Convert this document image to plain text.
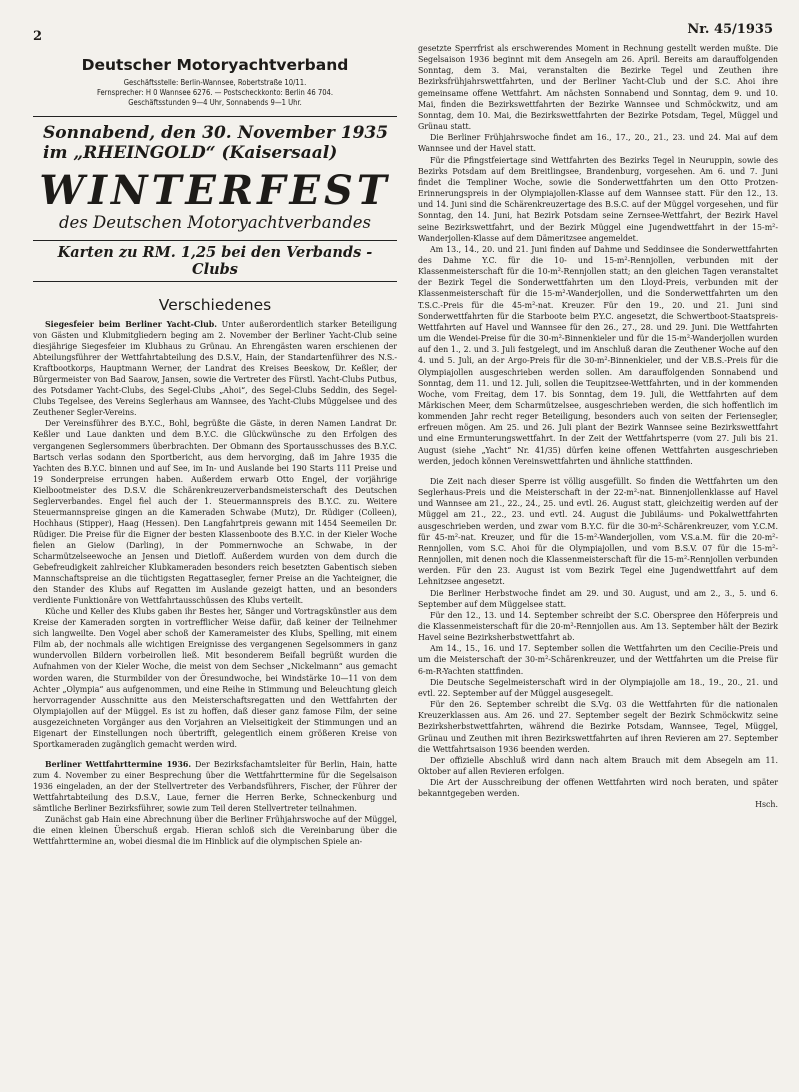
2	Nr. 45/1935
Deutscher Motoryachtverband
Geschäftsstelle: Berlin-Wannsee, Robertstraße 10/11.
Fernsprecher: H 0 Wannsee 6276. — Postscheckkonto: Berlin 46 704.
Geschäftsstunden 9—4 Uhr, Sonnabends 9—1 Uhr.
Sonnabend, den 30. November 1935
im „RHEINGOLD“ (Kaisersaal)
WINTERFEST
des Deutschen Motoryachtverbandes
Karten zu RM. 1,25 bei den Verbands - Clubs
Verschiedenes

Siegesfeier beim Berliner Yacht-Club. Unter außerordentlich starker Beteiligung von Gästen und Klubmitgliedern beging am 2. November der Berliner Yacht-Club seine diesjährige Siegesfeier im Klubhaus zu Grünau. An Ehrengästen waren erschienen der Abteilungsführer der Wettfahrtabteilung des D.S.V., Hain, der Standartenführer des N.S.-Kraftbootkorps, Hauptmann Werner, der Landrat des Kreises Beeskow, Dr. Keßler, der Bürgermeister von Bad Saarow, Jansen, sowie die Vertreter des Fürstl. Yacht-Clubs Putbus, des Potsdamer Yacht-Clubs, des Segel-Clubs „Ahoi“, des Segel-Clubs Seddin, des Segel-Clubs Tegelsee, des Vereins Seglerhaus am Wannsee, des Yacht-Clubs Müggelsee und des Zeuthener Segler-Vereins.

Der Vereinsführer des B.Y.C., Bohl, begrüßte die Gäste, in deren Namen Landrat Dr. Keßler und Laue dankten und dem B.Y.C. die Glückwünsche zu den Erfolgen des vergangenen Seglersommers überbrachten. Der Obmann des Sportausschusses des B.Y.C. Bartsch verlas sodann den Sportbericht, aus dem hervorging, daß im Jahre 1935 die Yachten des B.Y.C. binnen und auf See, im In- und Auslande bei 190 Starts 111 Preise und 19 Sonderpreise errungen haben. Außerdem erwarb Otto Engel, der vorjährige Kielbootmeister des D.S.V. die Schärenkreuzerverbandsmeisterschaft des Deutschen Seglerverbandes. Engel fiel auch der 1. Steuermannspreis des B.Y.C. zu. Weitere Steuermannspreise gingen an die Kameraden Schwabe (Mutz), Dr. Rüdiger (Colleen), Hochhaus (Stipper), Haag (Hessen). Den Langfahrtpreis gewann mit 1454 Seemeilen Dr. Rüdiger. Die Preise für die Eigner der besten Klassenboote des B.Y.C. in der Kieler Woche fielen an Gielow (Darling), in der Pommernwoche an Schwabe, in der Scharmützelseewoche an Jensen und Dietloff. Außerdem wurden von dem durch die Gebefreudigkeit zahlreicher Klubkameraden besonders reich besetzten Gabentisch sieben Mannschaftspreise an die tüchtigsten Regattasegler, ferner Preise an die Yachteigner, die den Stander des Klubs auf Regatten im Auslande gezeigt hatten, und an besonders verdiente Funktionäre von Wettfahrtausschüssen des Klubs verteilt.

Küche und Keller des Klubs gaben ihr Bestes her, Sänger und Vortragskünstler aus dem Kreise der Kameraden sorgten in vortrefflicher Weise dafür, daß keiner der Teilnehmer sich langweilte. Den Vogel aber schoß der Kamerameister des Klubs, Spelling, mit einem Film ab, der nochmals alle wichtigen Ereignisse des vergangenen Segelsommers in ganz wundervollen Bildern vorbeirollen ließ. Mit besonderem Beifall begrüßt wurden die Aufnahmen von der Kieler Woche, die meist von dem Sechser „Nickelmann“ aus gemacht worden waren, die Sturmbilder von der Öresundwoche, bei Windstärke 10—11 von dem Achter „Olympia“ aus aufgenommen, und eine Reihe in Stimmung und Beleuchtung gleich hervorragender Ausschnitte aus den Meisterschaftsregatten und den Wettfahrten der Olympiajollen auf der Müggel. Es ist zu hoffen, daß dieser ganz famose Film, der seine ausgezeichneten Vorgänger aus den Vorjahren an Vielseitigkeit der Stimmungen und an Eigenart der Einstellungen noch übertrifft, gelegentlich einem größeren Kreise von Sportkameraden zugänglich gemacht werden wird.

Berliner Wettfahrttermine 1936. Der Bezirksfachamtsleiter für Berlin, Hain, hatte zum 4. November zu einer Besprechung über die Wettfahrttermine für die Segelsaison 1936 eingeladen, an der der Stellvertreter des Verbandsführers, Fischer, der Führer der Wettfahrtabteilung des D.S.V., Laue, ferner die Herren Berke, Schneckenburg und sämtliche Berliner Bezirksführer, sowie zum Teil deren Stellvertreter teilnahmen.

Zunächst gab Hain eine Abrechnung über die Berliner Frühjahrswoche auf der Müggel, die einen kleinen Überschuß ergab. Hieran schloß sich die Vereinbarung über die Wettfahrttermine an, wobei diesmal die im Hinblick auf die olympischen Spiele an-

gesetzte Sperrfrist als erschwerendes Moment in Rechnung gestellt werden mußte. Die Segelsaison 1936 beginnt mit dem Ansegeln am 26. April. Bereits am darauffolgenden Sonntag, dem 3. Mai, veranstalten die Bezirke Tegel und Zeuthen ihre Bezirksfrühjahrswettfahrten, und der Berliner Yacht-Club und der S.C. Ahoi ihre gemeinsame offene Wettfahrt. Am nächsten Sonnabend und Sonntag, dem 9. und 10. Mai, finden die Bezirkswettfahrten der Bezirke Wannsee und Schmöckwitz, und am Sonntag, dem 10. Mai, die Bezirkswettfahrten der Bezirke Potsdam, Tegel, Müggel und Grünau statt.

Die Berliner Frühjahrswoche findet am 16., 17., 20., 21., 23. und 24. Mai auf dem Wannsee und der Havel statt.

Für die Pfingstfeiertage sind Wettfahrten des Bezirks Tegel in Neuruppin, sowie des Bezirks Potsdam auf dem Breitlingsee, Brandenburg, vorgesehen. Am 6. und 7. Juni findet die Templiner Woche, sowie die Sonderwettfahrten um den Otto Protzen-Erinnerungspreis in der Olympiajollen-Klasse auf dem Wannsee statt. Für den 12., 13. und 14. Juni sind die Schärenkreuzertage des B.S.C. auf der Müggel vorgesehen, und für Sonntag, den 14. Juni, hat Bezirk Potsdam seine Zernsee-Wettfahrt, der Bezirk Havel seine Bezirkswettfahrt, und der Bezirk Müggel eine Jugendwettfahrt in der 15-m²-Wanderjollen-Klasse auf dem Dämeritzsee angemeldet.

Am 13., 14., 20. und 21. Juni finden auf Dahme und Seddinsee die Sonderwettfahrten des Dahme Y.C. für die 10- und 15-m²-Rennjollen, verbunden mit der Klassenmeisterschaft für die 10-m²-Rennjollen statt; an den gleichen Tagen veranstaltet der Bezirk Tegel die Sonderwettfahrten um den Lloyd-Preis, verbunden mit der Klassenmeisterschaft für die 15-m²-Wanderjollen, und die Sonderwettfahrten um den T.S.C.-Preis für die 45-m²-nat. Kreuzer. Für den 19., 20. und 21. Juni sind Sonderwettfahrten für die Starboote beim P.Y.C. angesetzt, die Schwertboot-Staatspreis-Wettfahrten auf Havel und Wannsee für den 26., 27., 28. und 29. Juni. Die Wettfahrten um die Wendei-Preise für die 30-m²-Binnenkieler und für die 15-m²-Wanderjollen wurden auf den 1., 2. und 3. Juli festgelegt, und im Anschluß daran die Zeuthener Woche auf den 4. und 5. Juli, an der Argo-Preis für die 30-m²-Binnenkieler, und der V.B.S.-Preis für die Olympiajollen ausgeschrieben werden sollen. Am darauffolgenden Sonnabend und Sonntag, dem 11. und 12. Juli, sollen die Teupitzsee-Wettfahrten, und in der kommenden Woche, vom Freitag, dem 17. bis Sonntag, dem 19. Juli, die Wettfahrten auf dem Märkischen Meer, dem Scharmützelsee, ausgeschrieben werden, die sich hoffentlich im kommenden Jahr recht reger Beteiligung, besonders auch von seiten der Feriensegler, erfreuen mögen. Am 25. und 26. Juli plant der Bezirk Wannsee seine Bezirkswettfahrt und eine Ermunterungswettfahrt. In der Zeit der Wettfahrtsperre (vom 27. Juli bis 21. August (siehe „Yacht“ Nr. 41/35) dürfen keine offenen Wettfahrten ausgeschrieben werden, jedoch können Vereinswettfahrten und ähnliche stattfinden.

Die Zeit nach dieser Sperre ist völlig ausgefüllt. So finden die Wettfahrten um den Seglerhaus-Preis und die Meisterschaft in der 22-m²-nat. Binnenjollenklasse auf Havel und Wannsee am 21., 22., 24., 25. und evtl. 26. August statt, gleichzeitig werden auf der Müggel am 21., 22., 23. und evtl. 24. August die Jubiläums- und Pokalwettfahrten ausgeschrieben werden, und zwar vom B.Y.C. für die 30-m²-Schärenkreuzer, vom Y.C.M. für 45-m²-nat. Kreuzer, und für die 15-m²-Wanderjollen, vom V.S.a.M. für die 20-m²-Rennjollen, vom S.C. Ahoi für die Olympiajollen, und vom B.S.V. 07 für die 15-m²-Rennjollen, mit denen noch die Klassenmeisterschaft für die 15-m²-Rennjollen verbunden werden. Für den 23. August ist vom Bezirk Tegel eine Jugendwettfahrt auf dem Lehnitzsee angesetzt.

Die Berliner Herbstwoche findet am 29. und 30. August, und am 2., 3., 5. und 6. September auf dem Müggelsee statt.

Für den 12., 13. und 14. September schreibt der S.C. Oberspree den Höferpreis und die Klassenmeisterschaft für die 20-m²-Rennjollen aus. Am 13. September hält der Bezirk Havel seine Bezirksherbstwettfahrt ab.

Am 14., 15., 16. und 17. September sollen die Wettfahrten um den Cecilie-Preis und um die Meisterschaft der 30-m²-Schärenkreuzer, und der Wettfahrten um die Preise für 6-m-R-Yachten stattfinden.

Die Deutsche Segelmeisterschaft wird in der Olympiajolle am 18., 19., 20., 21. und evtl. 22. September auf der Müggel ausgesegelt.

Für den 26. September schreibt die S.Vg. 03 die Wettfahrten für die nationalen Kreuzerklassen aus. Am 26. und 27. September segelt der Bezirk Schmöckwitz seine Bezirksherbstwettfahrten, während die Bezirke Potsdam, Wannsee, Tegel, Müggel, Grünau und Zeuthen mit ihren Bezirkswettfahrten auf ihren Revieren am 27. September die Wettfahrtsaison 1936 beenden werden.

Der offizielle Abschluß wird dann nach altem Brauch mit dem Absegeln am 11. Oktober auf allen Revieren erfolgen.

Die Art der Ausschreibung der offenen Wettfahrten wird noch beraten, und später bekanntgegeben werden.

Hsch.
